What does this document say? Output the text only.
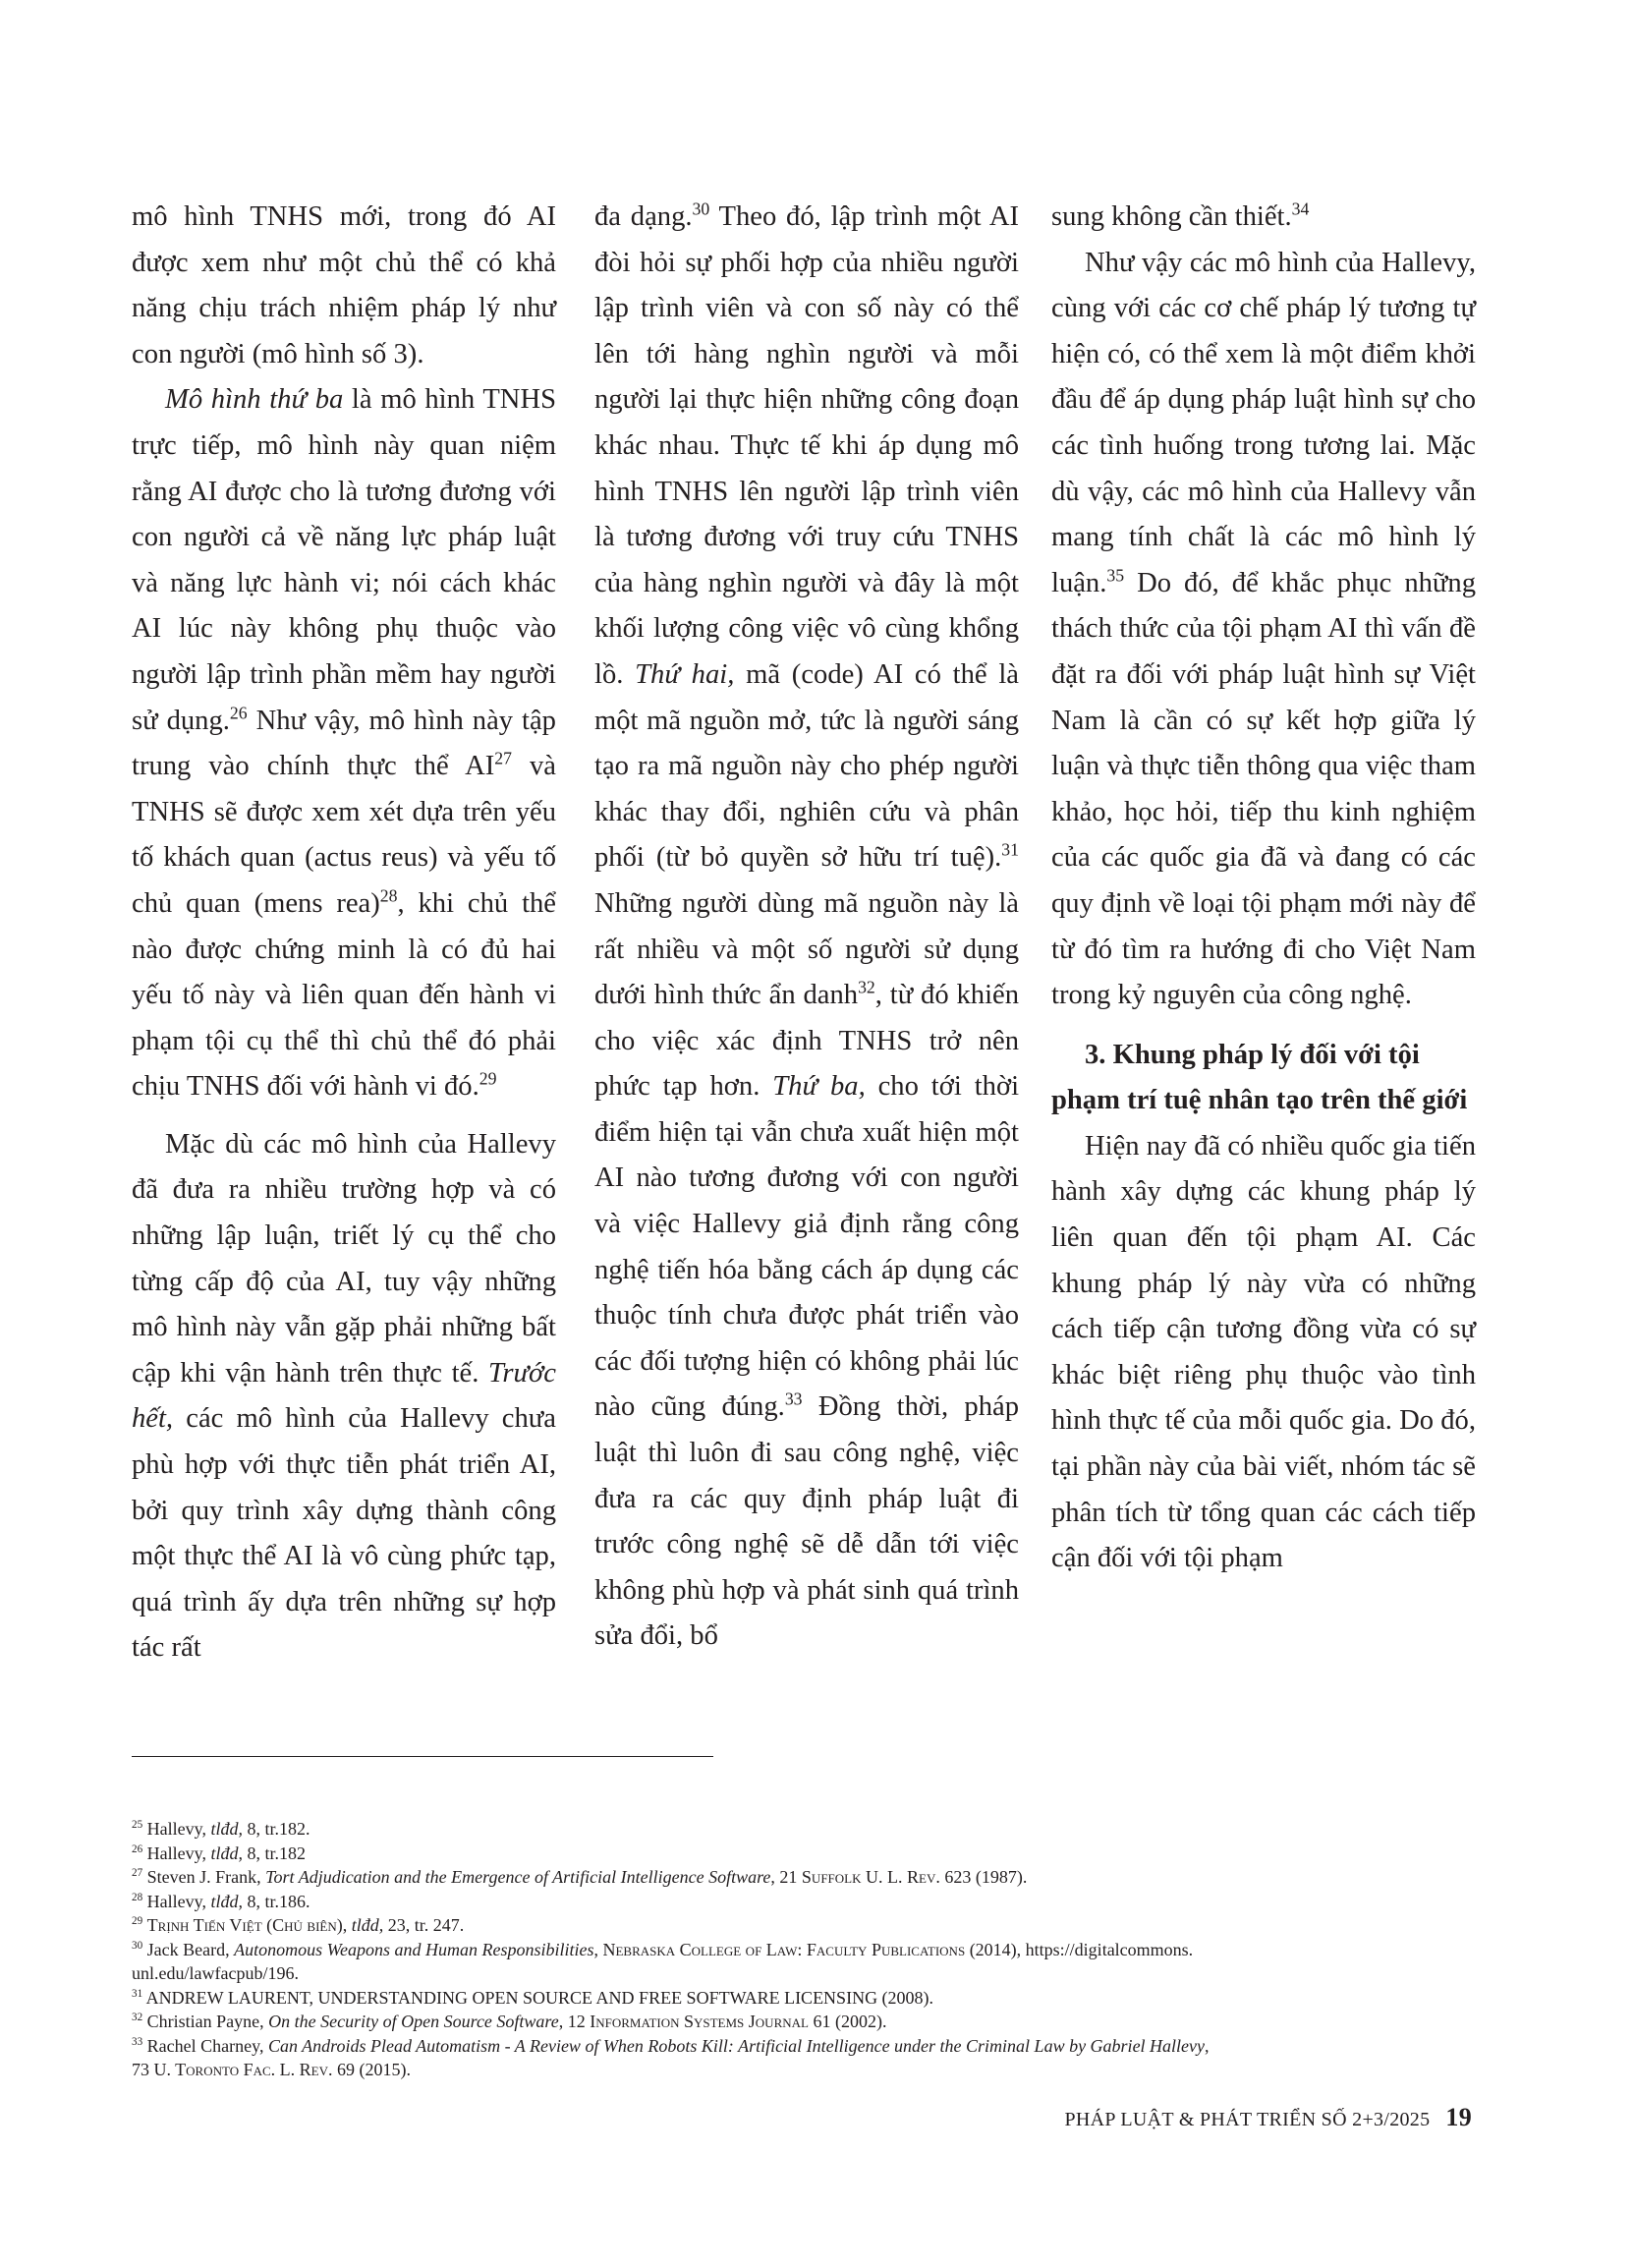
mô hình TNHS mới, trong đó AI được xem như một chủ thể có khả năng chịu trách nhiệm pháp lý như con người (mô hình số 3).

Mô hình thứ ba là mô hình TNHS trực tiếp, mô hình này quan niệm rằng AI được cho là tương đương với con người cả về năng lực pháp luật và năng lực hành vi; nói cách khác AI lúc này không phụ thuộc vào người lập trình phần mềm hay người sử dụng.$^{26}$ Như vậy, mô hình này tập trung vào chính thực thể AI$^{27}$ và TNHS sẽ được xem xét dựa trên yếu tố khách quan (actus reus) và yếu tố chủ quan (mens rea)$^{28}$, khi chủ thể nào được chứng minh là có đủ hai yếu tố này và liên quan đến hành vi phạm tội cụ thể thì chủ thể đó phải chịu TNHS đối với hành vi đó.$^{29}$

Mặc dù các mô hình của Hallevy đã đưa ra nhiều trường hợp và có những lập luận, triết lý cụ thể cho từng cấp độ của AI, tuy vậy những mô hình này vẫn gặp phải những bất cập khi vận hành trên thực tế. Trước hết, các mô hình của Hallevy chưa phù hợp với thực tiễn phát triển AI, bởi quy trình xây dựng thành công một thực thể AI là vô cùng phức tạp, quá trình ấy dựa trên những sự hợp tác rất

đa dạng.$^{30}$ Theo đó, lập trình một AI đòi hỏi sự phối hợp của nhiều người lập trình viên và con số này có thể lên tới hàng nghìn người và mỗi người lại thực hiện những công đoạn khác nhau. Thực tế khi áp dụng mô hình TNHS lên người lập trình viên là tương đương với truy cứu TNHS của hàng nghìn người và đây là một khối lượng công việc vô cùng khổng lồ. Thứ hai, mã (code) AI có thể là một mã nguồn mở, tức là người sáng tạo ra mã nguồn này cho phép người khác thay đổi, nghiên cứu và phân phối (từ bỏ quyền sở hữu trí tuệ).$^{31}$ Những người dùng mã nguồn này là rất nhiều và một số người sử dụng dưới hình thức ẩn danh$^{32}$, từ đó khiến cho việc xác định TNHS trở nên phức tạp hơn. Thứ ba, cho tới thời điểm hiện tại vẫn chưa xuất hiện một AI nào tương đương với con người và việc Hallevy giả định rằng công nghệ tiến hóa bằng cách áp dụng các thuộc tính chưa được phát triển vào các đối tượng hiện có không phải lúc nào cũng đúng.$^{33}$ Đồng thời, pháp luật thì luôn đi sau công nghệ, việc đưa ra các quy định pháp luật đi trước công nghệ sẽ dễ dẫn tới việc không phù hợp và phát sinh quá trình sửa đổi, bổ

sung không cần thiết.$^{34}$

Như vậy các mô hình của Hallevy, cùng với các cơ chế pháp lý tương tự hiện có, có thể xem là một điểm khởi đầu để áp dụng pháp luật hình sự cho các tình huống trong tương lai. Mặc dù vậy, các mô hình của Hallevy vẫn mang tính chất là các mô hình lý luận.$^{35}$ Do đó, để khắc phục những thách thức của tội phạm AI thì vấn đề đặt ra đối với pháp luật hình sự Việt Nam là cần có sự kết hợp giữa lý luận và thực tiễn thông qua việc tham khảo, học hỏi, tiếp thu kinh nghiệm của các quốc gia đã và đang có các quy định về loại tội phạm mới này để từ đó tìm ra hướng đi cho Việt Nam trong kỷ nguyên của công nghệ.

3. Khung pháp lý đối với tội phạm trí tuệ nhân tạo trên thế giới

Hiện nay đã có nhiều quốc gia tiến hành xây dựng các khung pháp lý liên quan đến tội phạm AI. Các khung pháp lý này vừa có những cách tiếp cận tương đồng vừa có sự khác biệt riêng phụ thuộc vào tình hình thực tế của mỗi quốc gia. Do đó, tại phần này của bài viết, nhóm tác sẽ phân tích từ tổng quan các cách tiếp cận đối với tội phạm

$^{25}$ Hallevy, tlđd, 8, tr.182.

$^{26}$ Hallevy, tlđd, 8, tr.182

$^{27}$ Steven J. Frank, Tort Adjudication and the Emergence of Artificial Intelligence Software, 21 Suffolk U. L. Rev. 623 (1987).

$^{28}$ Hallevy, tlđd, 8, tr.186.

$^{29}$ Trịnh Tiến Việt (Chủ biên), tlđd, 23, tr. 247.

$^{30}$ Jack Beard, Autonomous Weapons and Human Responsibilities, Nebraska College of Law: Faculty Publications (2014), https://digitalcommons.
unl.edu/lawfacpub/196.

$^{31}$ ANDREW LAURENT, UNDERSTANDING OPEN SOURCE AND FREE SOFTWARE LICENSING (2008).

$^{32}$ Christian Payne, On the Security of Open Source Software, 12 Information Systems Journal 61 (2002).

$^{33}$ Rachel Charney, Can Androids Plead Automatism - A Review of When Robots Kill: Artificial Intelligence under the Criminal Law by Gabriel Hallevy,
73 U. Toronto Fac. L. Rev. 69 (2015).

PHÁP LUẬT & PHÁT TRIỂN SỐ 2+3/2025 19
